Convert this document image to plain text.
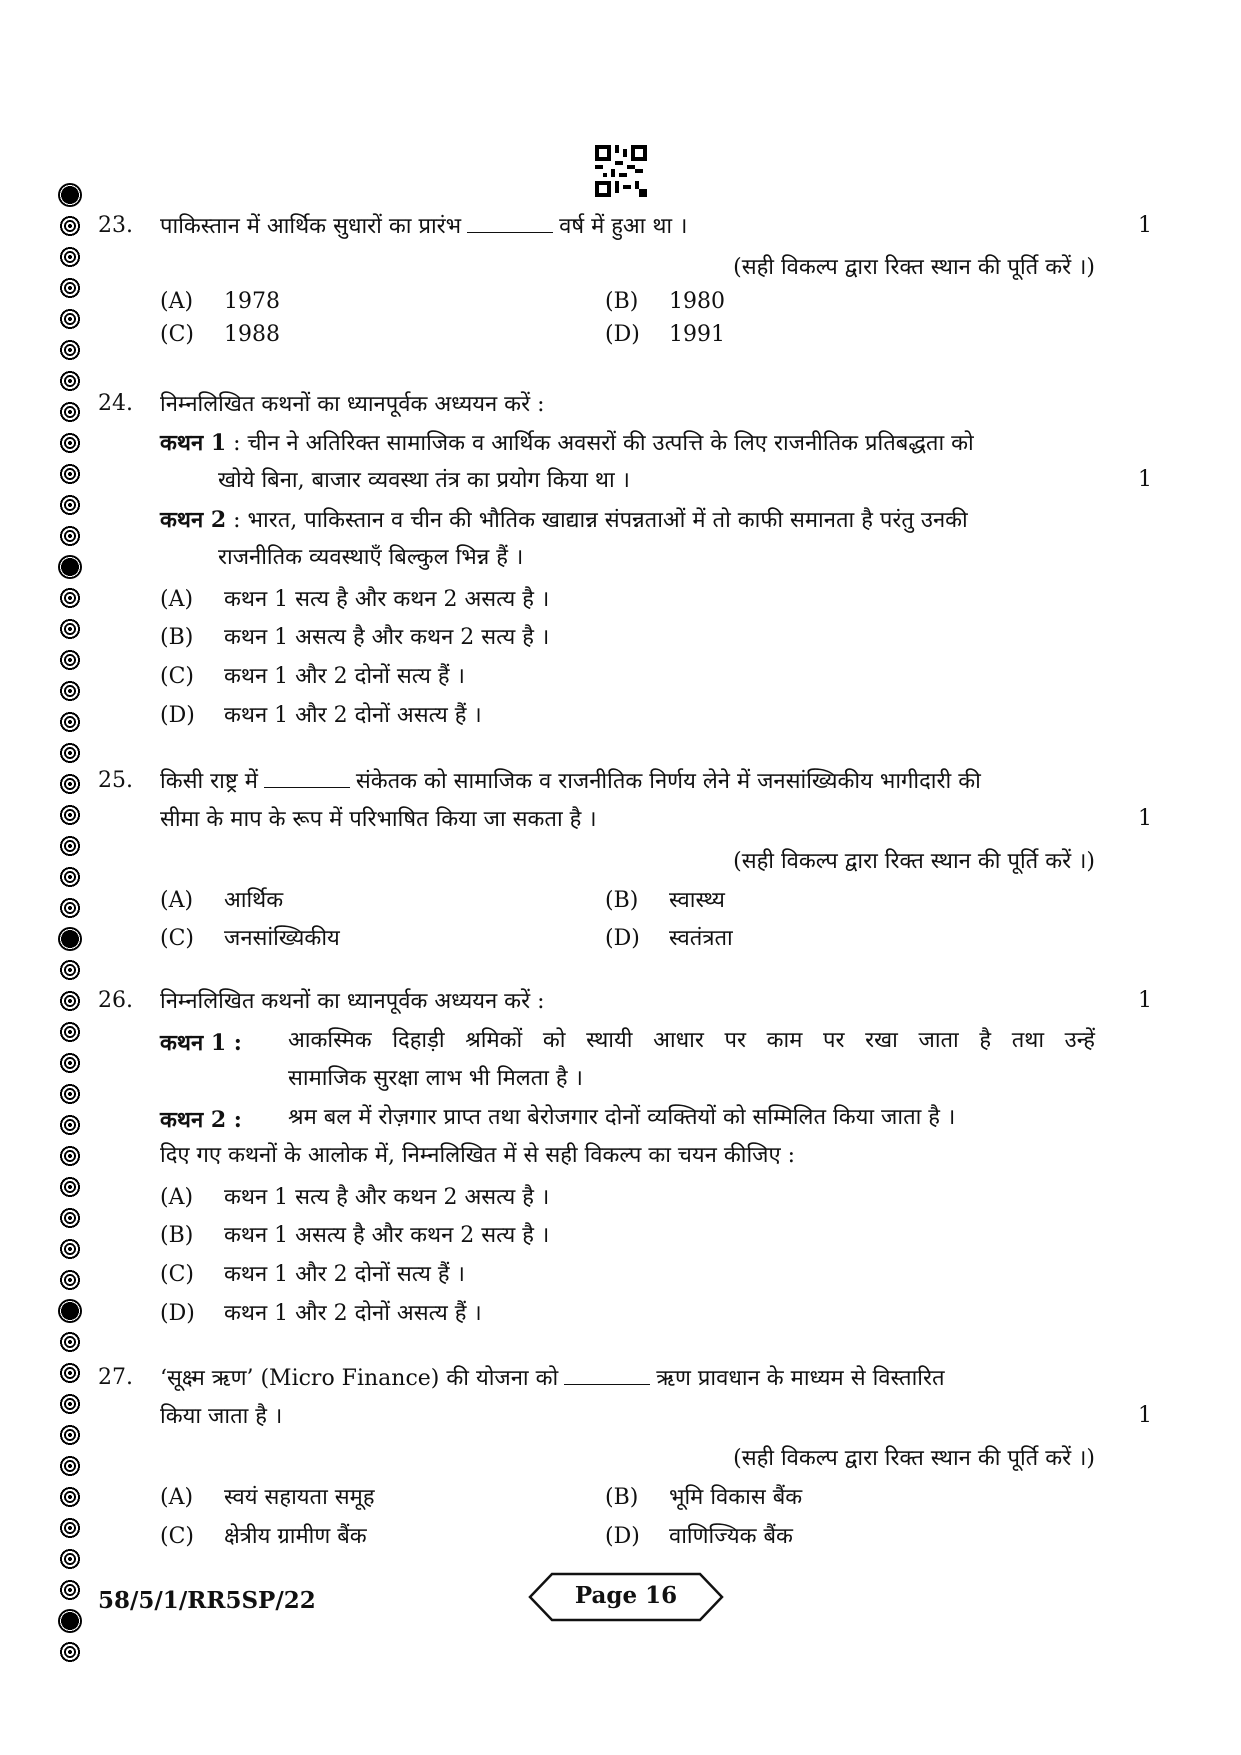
23. पाकिस्तान में आर्थिक सुधारों का प्रारंभ	वर्ष में हुआ था ।	1
(सही विकल्प द्वारा रिक्त स्थान की पूर्ति करें ।)
(A) 1978	(B) 1980
(C) 1988	(D) 1991
24. निम्नलिखित कथनों का ध्यानपूर्वक अध्ययन करें :
कथन 1 : चीन ने अतिरिक्त सामाजिक व आर्थिक अवसरों की उत्पत्ति के लिए राजनीतिक प्रतिबद्धता को
खोये बिना, बाजार व्यवस्था तंत्र का प्रयोग किया था ।	1
कथन 2 : भारत, पाकिस्तान व चीन की भौतिक खाद्यान्न संपन्नताओं में तो काफी समानता है परंतु उनकी
राजनीतिक व्यवस्थाएँ बिल्कुल भिन्न हैं ।
(A) कथन 1 सत्य है और कथन 2 असत्य है ।
(B) कथन 1 असत्य है और कथन 2 सत्य है ।
(C) कथन 1 और 2 दोनों सत्य हैं ।
(D) कथन 1 और 2 दोनों असत्य हैं ।
25. किसी राष्ट्र में	संकेतक को सामाजिक व राजनीतिक निर्णय लेने में जनसांख्यिकीय भागीदारी की
सीमा के माप के रूप में परिभाषित किया जा सकता है ।	1
(सही विकल्प द्वारा रिक्त स्थान की पूर्ति करें ।)
(A) आर्थिक	(B) स्वास्थ्य
(C) जनसांख्यिकीय	(D) स्वतंत्रता
26. निम्नलिखित कथनों का ध्यानपूर्वक अध्ययन करें :	1
कथन 1 : आकस्मिक दिहाड़ी श्रमिकों को स्थायी आधार पर काम पर रखा जाता है तथा उन्हें
सामाजिक सुरक्षा लाभ भी मिलता है ।
कथन 2 : श्रम बल में रोज़गार प्राप्त तथा बेरोजगार दोनों व्यक्तियों को सम्मिलित किया जाता है ।
दिए गए कथनों के आलोक में, निम्नलिखित में से सही विकल्प का चयन कीजिए :
(A) कथन 1 सत्य है और कथन 2 असत्य है ।
(B) कथन 1 असत्य है और कथन 2 सत्य है ।
(C) कथन 1 और 2 दोनों सत्य हैं ।
(D) कथन 1 और 2 दोनों असत्य हैं ।
27. ‘सूक्ष्म ऋण’ (Micro Finance) की योजना को	ऋण प्रावधान के माध्यम से विस्तारित
किया जाता है ।	1
(सही विकल्प द्वारा रिक्त स्थान की पूर्ति करें ।)
(A) स्वयं सहायता समूह	(B) भूमि विकास बैंक
(C) क्षेत्रीय ग्रामीण बैंक	(D) वाणिज्यिक बैंक
58/5/1/RR5SP/22	Page 16
